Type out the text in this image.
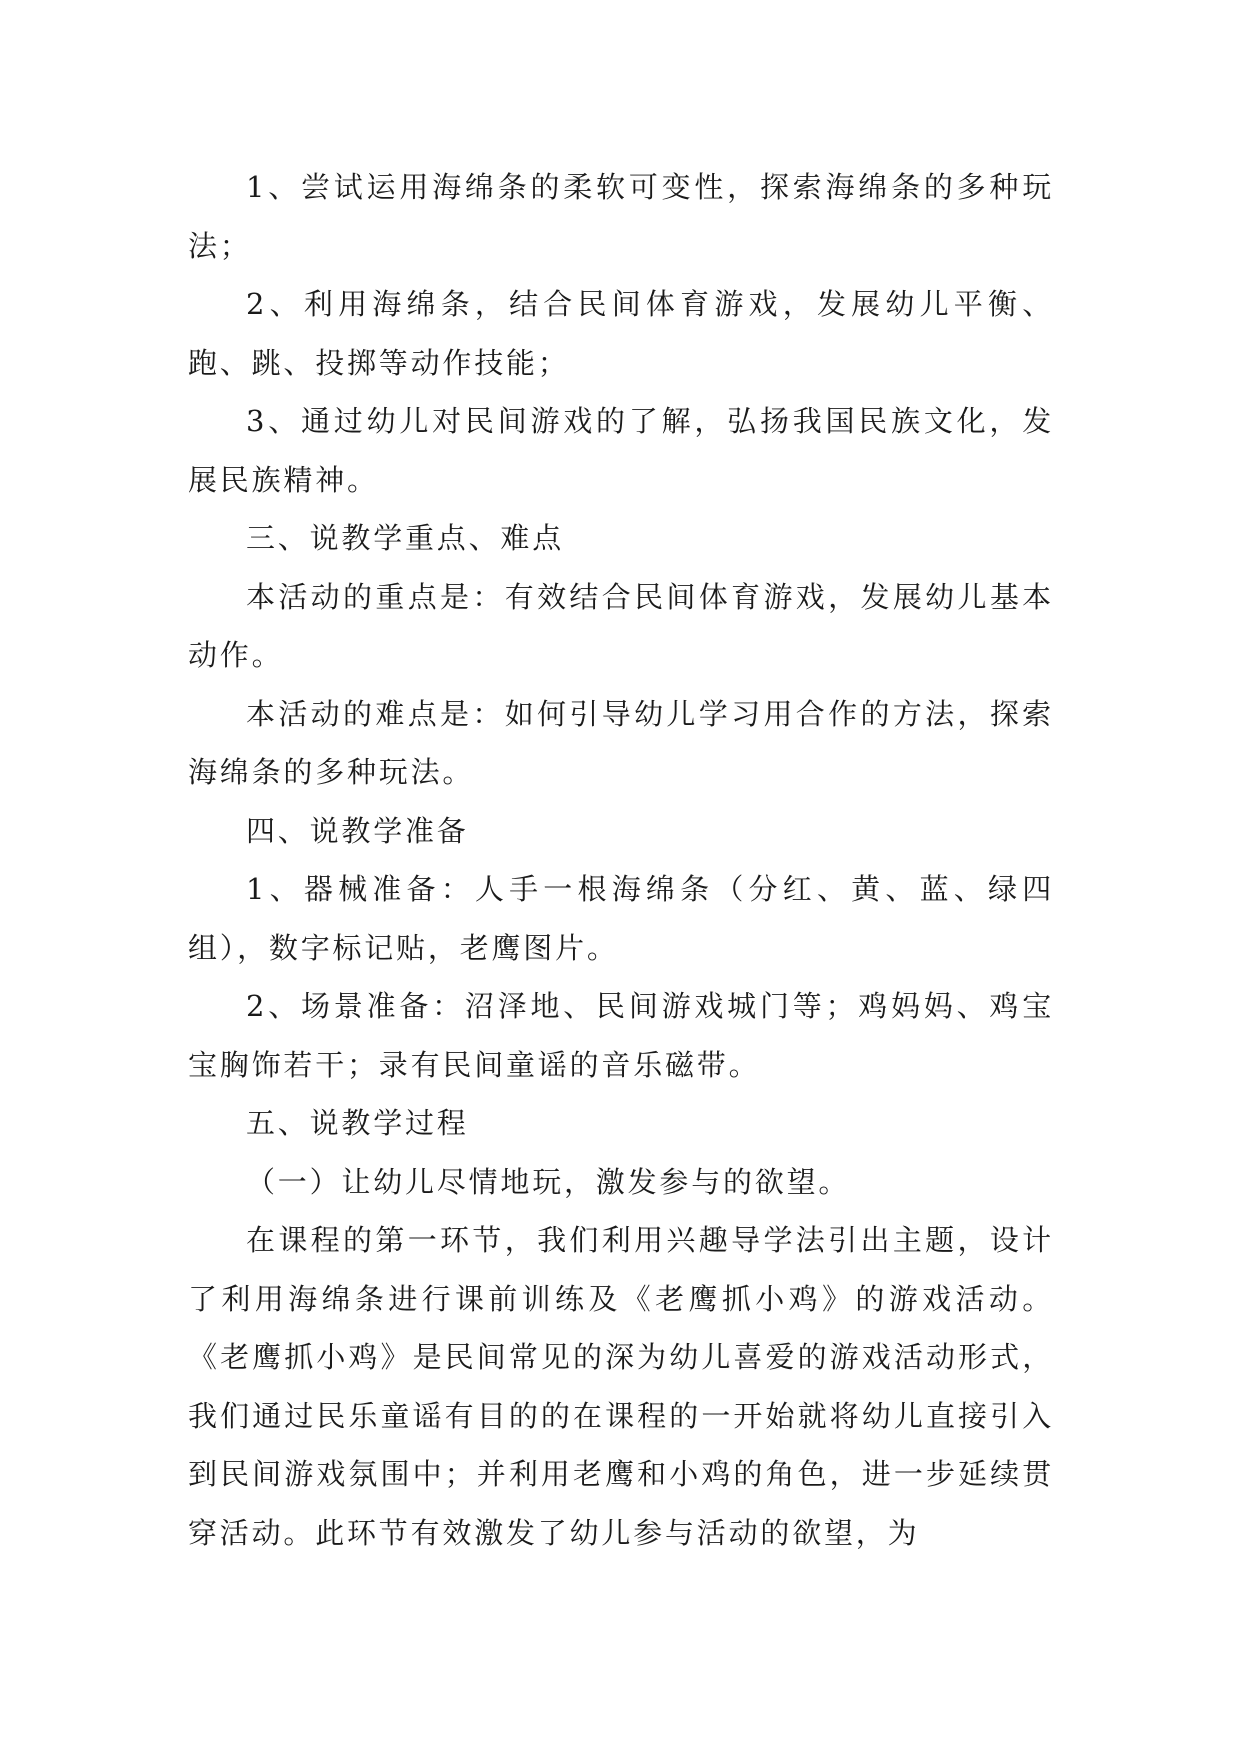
1、尝试运用海绵条的柔软可变性，探索海绵条的多种玩法；

2、利用海绵条，结合民间体育游戏，发展幼儿平衡、跑、跳、投掷等动作技能；

3、通过幼儿对民间游戏的了解，弘扬我国民族文化，发展民族精神。

三、说教学重点、难点

本活动的重点是：有效结合民间体育游戏，发展幼儿基本动作。

本活动的难点是：如何引导幼儿学习用合作的方法，探索海绵条的多种玩法。

四、说教学准备

1、器械准备：人手一根海绵条（分红、黄、蓝、绿四组），数字标记贴，老鹰图片。

2、场景准备：沼泽地、民间游戏城门等；鸡妈妈、鸡宝宝胸饰若干；录有民间童谣的音乐磁带。

五、说教学过程

（一）让幼儿尽情地玩，激发参与的欲望。

在课程的第一环节，我们利用兴趣导学法引出主题，设计了利用海绵条进行课前训练及《老鹰抓小鸡》的游戏活动。《老鹰抓小鸡》是民间常见的深为幼儿喜爱的游戏活动形式，我们通过民乐童谣有目的的在课程的一开始就将幼儿直接引入到民间游戏氛围中；并利用老鹰和小鸡的角色，进一步延续贯穿活动。此环节有效激发了幼儿参与活动的欲望，为
